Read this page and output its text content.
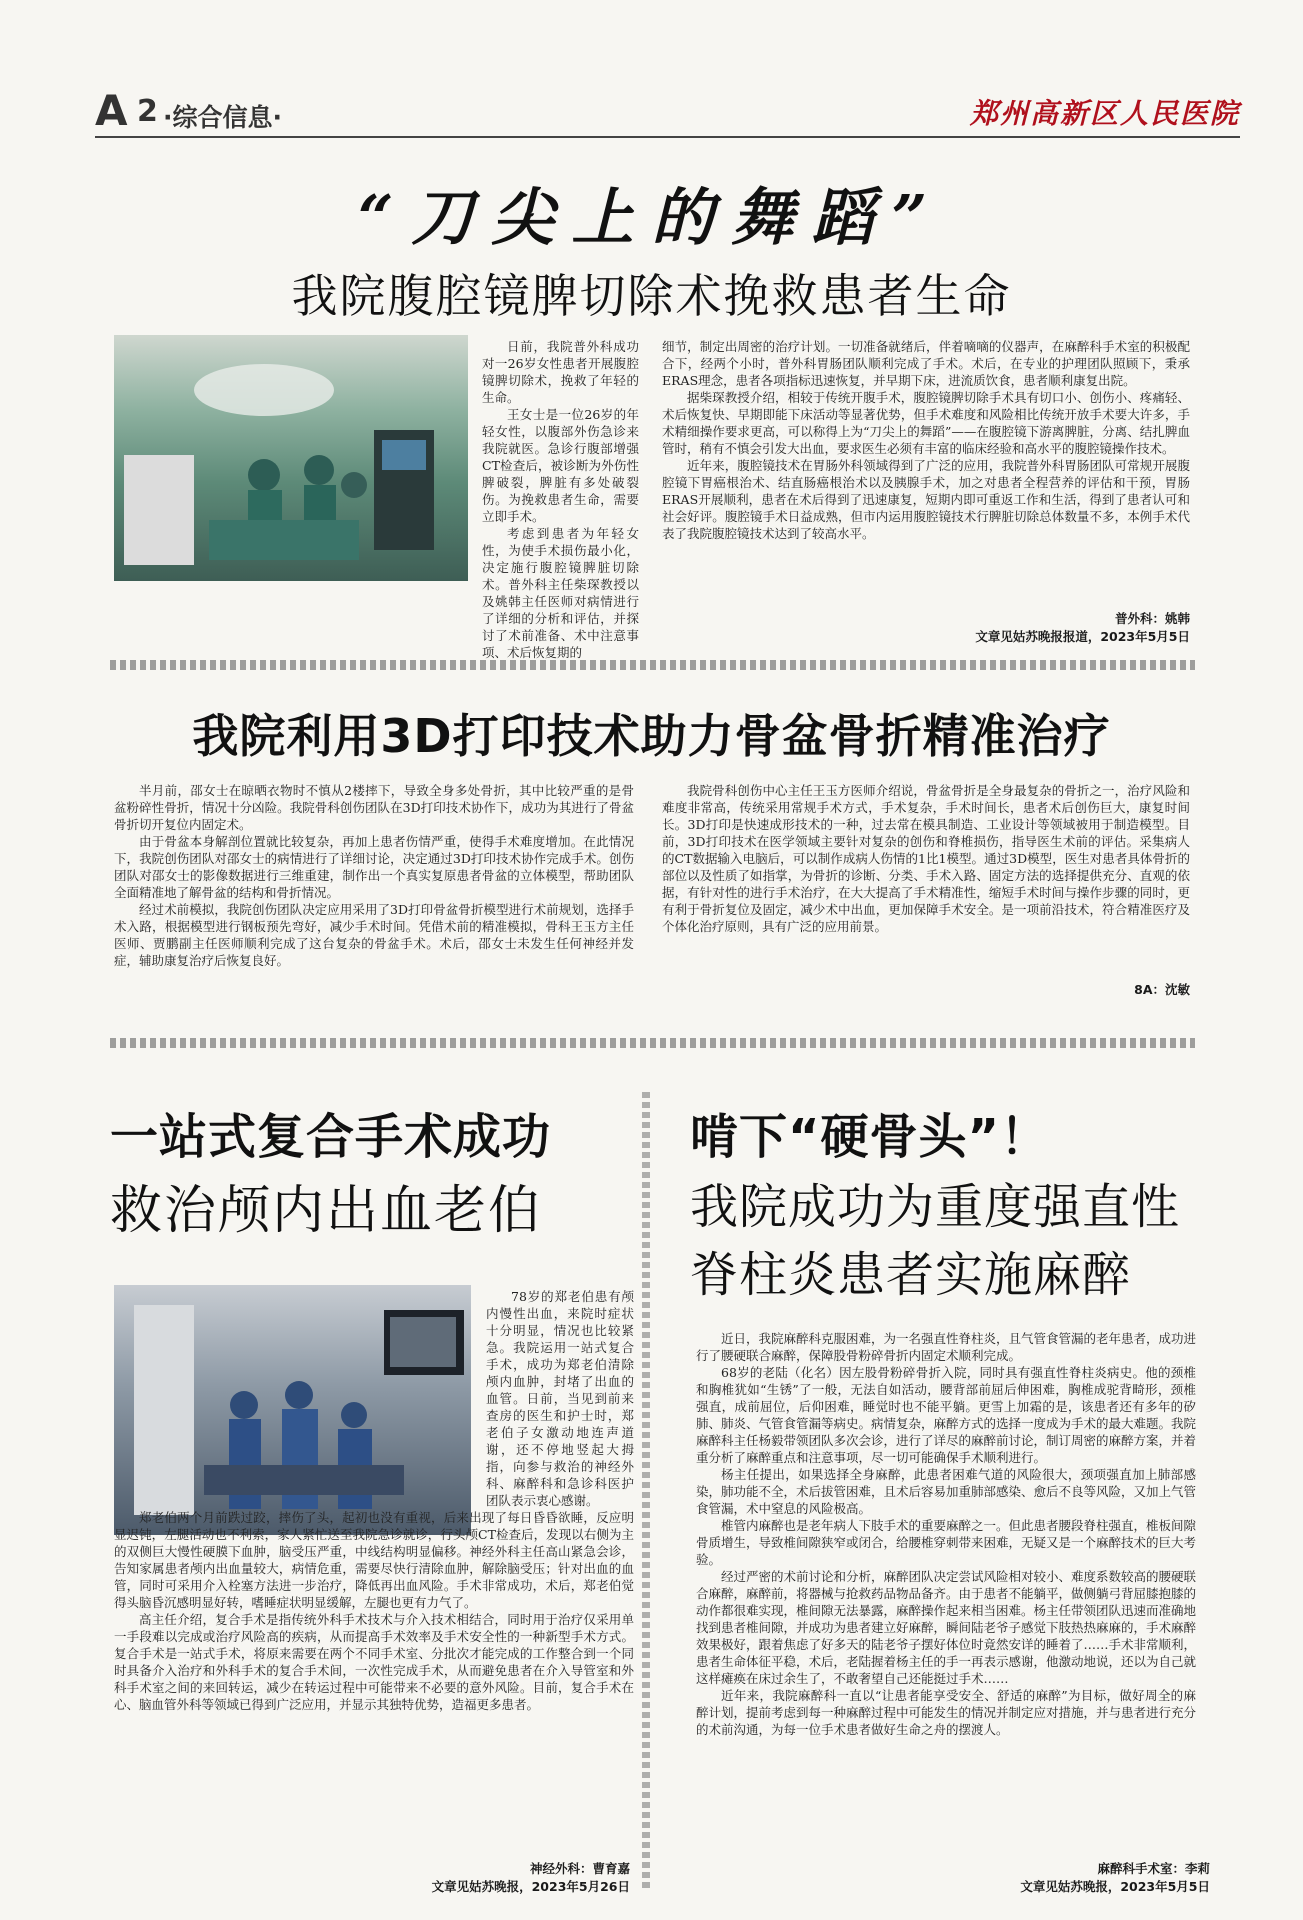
A 2 ·综合信息·	郑州高新区人民医院
“刀尖上的舞蹈”
我院腹腔镜脾切除术挽救患者生命

日前，我院普外科成功对一26岁女性患者开展腹腔镜脾切除术，挽救了年轻的生命。

王女士是一位26岁的年轻女性，以腹部外伤急诊来我院就医。急诊行腹部增强CT检查后，被诊断为外伤性脾破裂，脾脏有多处破裂伤。为挽救患者生命，需要立即手术。

考虑到患者为年轻女性，为使手术损伤最小化，决定施行腹腔镜脾脏切除术。普外科主任柴琛教授以及姚韩主任医师对病情进行了详细的分析和评估，并探讨了术前准备、术中注意事项、术后恢复期的

细节，制定出周密的治疗计划。一切准备就绪后，伴着嘀嘀的仪器声，在麻醉科手术室的积极配合下，经两个小时，普外科胃肠团队顺利完成了手术。术后，在专业的护理团队照顾下，秉承ERAS理念，患者各项指标迅速恢复，并早期下床，进流质饮食，患者顺利康复出院。

据柴琛教授介绍，相较于传统开腹手术，腹腔镜脾切除手术具有切口小、创伤小、疼痛轻、术后恢复快、早期即能下床活动等显著优势，但手术难度和风险相比传统开放手术要大许多，手术精细操作要求更高，可以称得上为“刀尖上的舞蹈”——在腹腔镜下游离脾脏，分离、结扎脾血管时，稍有不慎会引发大出血，要求医生必须有丰富的临床经验和高水平的腹腔镜操作技术。

近年来，腹腔镜技术在胃肠外科领域得到了广泛的应用，我院普外科胃肠团队可常规开展腹腔镜下胃癌根治术、结直肠癌根治术以及胰腺手术，加之对患者全程营养的评估和干预，胃肠ERAS开展顺利，患者在术后得到了迅速康复，短期内即可重返工作和生活，得到了患者认可和社会好评。腹腔镜手术日益成熟，但市内运用腹腔镜技术行脾脏切除总体数量不多，本例手术代表了我院腹腔镜技术达到了较高水平。

普外科：姚韩
文章见姑苏晚报报道，2023年5月5日
我院利用3D打印技术助力骨盆骨折精准治疗

半月前，邵女士在晾晒衣物时不慎从2楼摔下，导致全身多处骨折，其中比较严重的是骨盆粉碎性骨折，情况十分凶险。我院骨科创伤团队在3D打印技术协作下，成功为其进行了骨盆骨折切开复位内固定术。

由于骨盆本身解剖位置就比较复杂，再加上患者伤情严重，使得手术难度增加。在此情况下，我院创伤团队对邵女士的病情进行了详细讨论，决定通过3D打印技术协作完成手术。创伤团队对邵女士的影像数据进行三维重建，制作出一个真实复原患者骨盆的立体模型，帮助团队全面精准地了解骨盆的结构和骨折情况。

经过术前模拟，我院创伤团队决定应用采用了3D打印骨盆骨折模型进行术前规划，选择手术入路，根据模型进行钢板预先弯好，减少手术时间。凭借术前的精准模拟，骨科王玉方主任医师、贾鹏副主任医师顺利完成了这台复杂的骨盆手术。术后，邵女士未发生任何神经并发症，辅助康复治疗后恢复良好。

我院骨科创伤中心主任王玉方医师介绍说，骨盆骨折是全身最复杂的骨折之一，治疗风险和难度非常高，传统采用常规手术方式，手术复杂，手术时间长，患者术后创伤巨大，康复时间长。3D打印是快速成形技术的一种，过去常在模具制造、工业设计等领域被用于制造模型。目前，3D打印技术在医学领域主要针对复杂的创伤和脊椎损伤，指导医生术前的评估。采集病人的CT数据输入电脑后，可以制作成病人伤情的1比1模型。通过3D模型，医生对患者具体骨折的部位以及性质了如指掌，为骨折的诊断、分类、手术入路、固定方法的选择提供充分、直观的依据，有针对性的进行手术治疗，在大大提高了手术精准性，缩短手术时间与操作步骤的同时，更有利于骨折复位及固定，减少术中出血，更加保障手术安全。是一项前沿技术，符合精准医疗及个体化治疗原则，具有广泛的应用前景。

8A：沈敏
一站式复合手术成功
救治颅内出血老伯

78岁的郑老伯患有颅内慢性出血，来院时症状十分明显，情况也比较紧急。我院运用一站式复合手术，成功为郑老伯清除颅内血肿，封堵了出血的血管。日前，当见到前来查房的医生和护士时，郑老伯子女激动地连声道谢，还不停地竖起大拇指，向参与救治的神经外科、麻醉科和急诊科医护团队表示衷心感谢。

郑老伯两个月前跌过跤，摔伤了头，起初也没有重视，后来出现了每日昏昏欲睡，反应明显迟钝，左腿活动也不利索，家人紧忙送至我院急诊就诊，行头颅CT检查后，发现以右侧为主的双侧巨大慢性硬膜下血肿，脑受压严重，中线结构明显偏移。神经外科主任高山紧急会诊，告知家属患者颅内出血量较大，病情危重，需要尽快行清除血肿，解除脑受压；针对出血的血管，同时可采用介入栓塞方法进一步治疗，降低再出血风险。手术非常成功，术后，郑老伯觉得头脑昏沉感明显好转，嗜睡症状明显缓解，左腿也更有力气了。

高主任介绍，复合手术是指传统外科手术技术与介入技术相结合，同时用于治疗仅采用单一手段难以完成或治疗风险高的疾病，从而提高手术效率及手术安全性的一种新型手术方式。复合手术是一站式手术，将原来需要在两个不同手术室、分批次才能完成的工作整合到一个同时具备介入治疗和外科手术的复合手术间，一次性完成手术，从而避免患者在介入导管室和外科手术室之间的来回转运，减少在转运过程中可能带来不必要的意外风险。目前，复合手术在心、脑血管外科等领域已得到广泛应用，并显示其独特优势，造福更多患者。

神经外科：曹育嘉
文章见姑苏晚报，2023年5月26日
啃下“硬骨头”！
我院成功为重度强直性
脊柱炎患者实施麻醉

近日，我院麻醉科克服困难，为一名强直性脊柱炎，且气管食管漏的老年患者，成功进行了腰硬联合麻醉，保障股骨粉碎骨折内固定术顺利完成。

68岁的老陆（化名）因左股骨粉碎骨折入院，同时具有强直性脊柱炎病史。他的颈椎和胸椎犹如“生锈”了一般，无法自如活动，腰背部前屈后伸困难，胸椎成驼背畸形，颈椎强直，成前屈位，后仰困难，睡觉时也不能平躺。更雪上加霜的是，该患者还有多年的矽肺、肺炎、气管食管漏等病史。病情复杂，麻醉方式的选择一度成为手术的最大难题。我院麻醉科主任杨毅带领团队多次会诊，进行了详尽的麻醉前讨论，制订周密的麻醉方案，并着重分析了麻醉重点和注意事项，尽一切可能确保手术顺利进行。

杨主任提出，如果选择全身麻醉，此患者困难气道的风险很大，颈项强直加上肺部感染，肺功能不全，术后拔管困难，且术后容易加重肺部感染、愈后不良等风险，又加上气管食管漏，术中窒息的风险极高。

椎管内麻醉也是老年病人下肢手术的重要麻醉之一。但此患者腰段脊柱强直，椎板间隙骨质增生，导致椎间隙狭窄或闭合，给腰椎穿刺带来困难，无疑又是一个麻醉技术的巨大考验。

经过严密的术前讨论和分析，麻醉团队决定尝试风险相对较小、难度系数较高的腰硬联合麻醉，麻醉前，将器械与抢救药品物品备齐。由于患者不能躺平，做侧躺弓背屈膝抱膝的动作都很难实现，椎间隙无法暴露，麻醉操作起来相当困难。杨主任带领团队迅速而准确地找到患者椎间隙，并成功为患者建立好麻醉，瞬间陆老爷子感觉下肢热热麻麻的，手术麻醉效果极好，跟着焦虑了好多天的陆老爷子摆好体位时竟然安详的睡着了……手术非常顺利，患者生命体征平稳，术后，老陆握着杨主任的手一再表示感谢，他激动地说，还以为自己就这样瘫痪在床过余生了，不敢奢望自己还能挺过手术……

近年来，我院麻醉科一直以“让患者能享受安全、舒适的麻醉”为目标，做好周全的麻醉计划，提前考虑到每一种麻醉过程中可能发生的情况并制定应对措施，并与患者进行充分的术前沟通，为每一位手术患者做好生命之舟的摆渡人。

麻醉科手术室：李莉
文章见姑苏晚报，2023年5月5日
